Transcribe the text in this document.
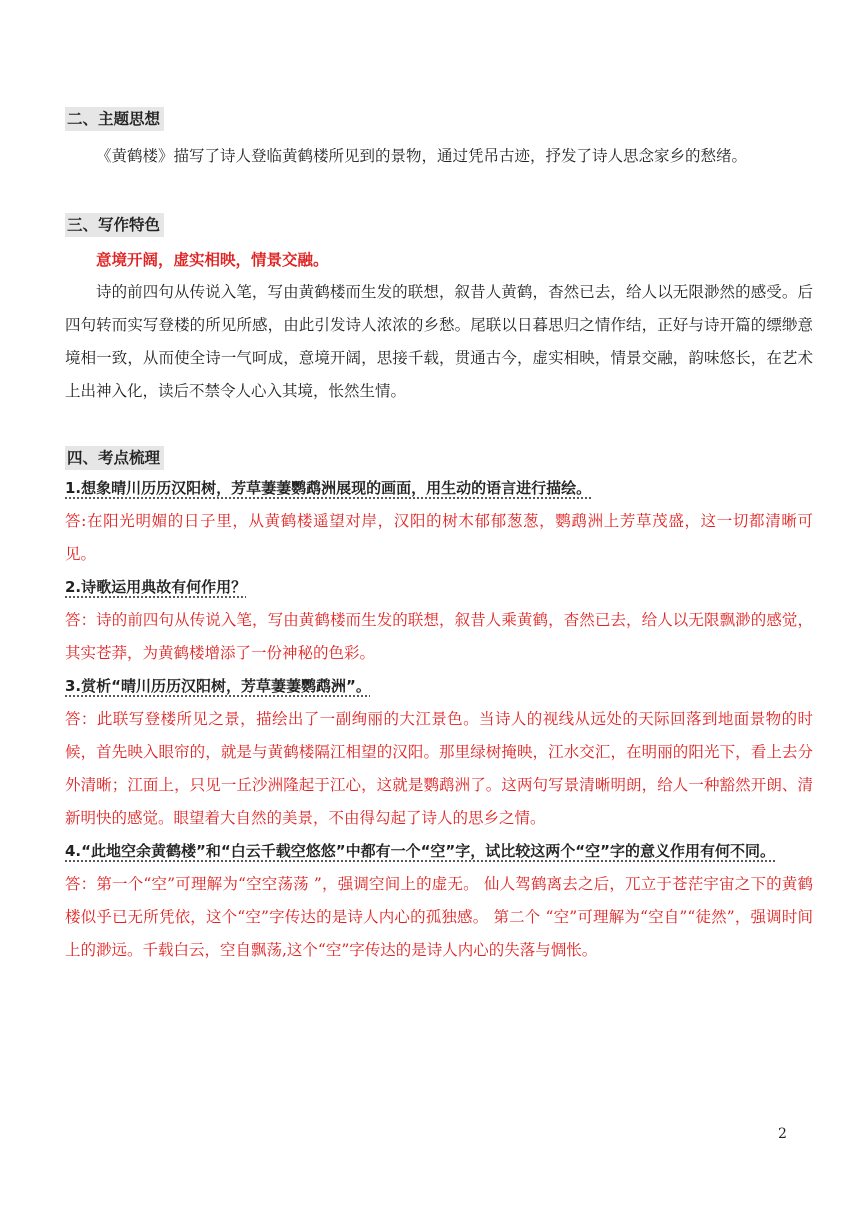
二、主题思想

《黄鹤楼》描写了诗人登临黄鹤楼所见到的景物，通过凭吊古迹，抒发了诗人思念家乡的愁绪。

三、写作特色

意境开阔，虚实相映，情景交融。

诗的前四句从传说入笔，写由黄鹤楼而生发的联想，叙昔人黄鹤，杳然已去，给人以无限渺然的感受。后四句转而实写登楼的所见所感，由此引发诗人浓浓的乡愁。尾联以日暮思归之情作结，正好与诗开篇的缥缈意境相一致，从而使全诗一气呵成，意境开阔，思接千载，贯通古今，虚实相映，情景交融，韵味悠长，在艺术上出神入化，读后不禁令人心入其境，怅然生情。

四、考点梳理

1.想象晴川历历汉阳树，芳草萋萋鹦鹉洲展现的画面，用生动的语言进行描绘。

答:在阳光明媚的日子里，从黄鹤楼遥望对岸，汉阳的树木郁郁葱葱，鹦鹉洲上芳草茂盛，这一切都清晰可见。

2.诗歌运用典故有何作用？

答：诗的前四句从传说入笔，写由黄鹤楼而生发的联想，叙昔人乘黄鹤，杳然已去，给人以无限飘渺的感觉，其实苍莽，为黄鹤楼增添了一份神秘的色彩。

3.赏析“晴川历历汉阳树，芳草萋萋鹦鹉洲”。

答：此联写登楼所见之景，描绘出了一副绚丽的大江景色。当诗人的视线从远处的天际回落到地面景物的时候，首先映入眼帘的，就是与黄鹤楼隔江相望的汉阳。那里绿树掩映，江水交汇，在明丽的阳光下，看上去分外清晰；江面上，只见一丘沙洲隆起于江心，这就是鹦鹉洲了。这两句写景清晰明朗，给人一种豁然开朗、清新明快的感觉。眼望着大自然的美景，不由得勾起了诗人的思乡之情。

4.“此地空余黄鹤楼”和“白云千载空悠悠”中都有一个“空”字，试比较这两个“空”字的意义作用有何不同。

答：第一个“空”可理解为“空空荡荡 ”，强调空间上的虚无。 仙人驾鹤离去之后，兀立于苍茫宇宙之下的黄鹤楼似乎已无所凭依，这个“空”字传达的是诗人内心的孤独感。 第二个 “空”可理解为“空自”“徒然”，强调时间上的渺远。千载白云，空自飘荡,这个“空”字传达的是诗人内心的失落与惆怅。

2
